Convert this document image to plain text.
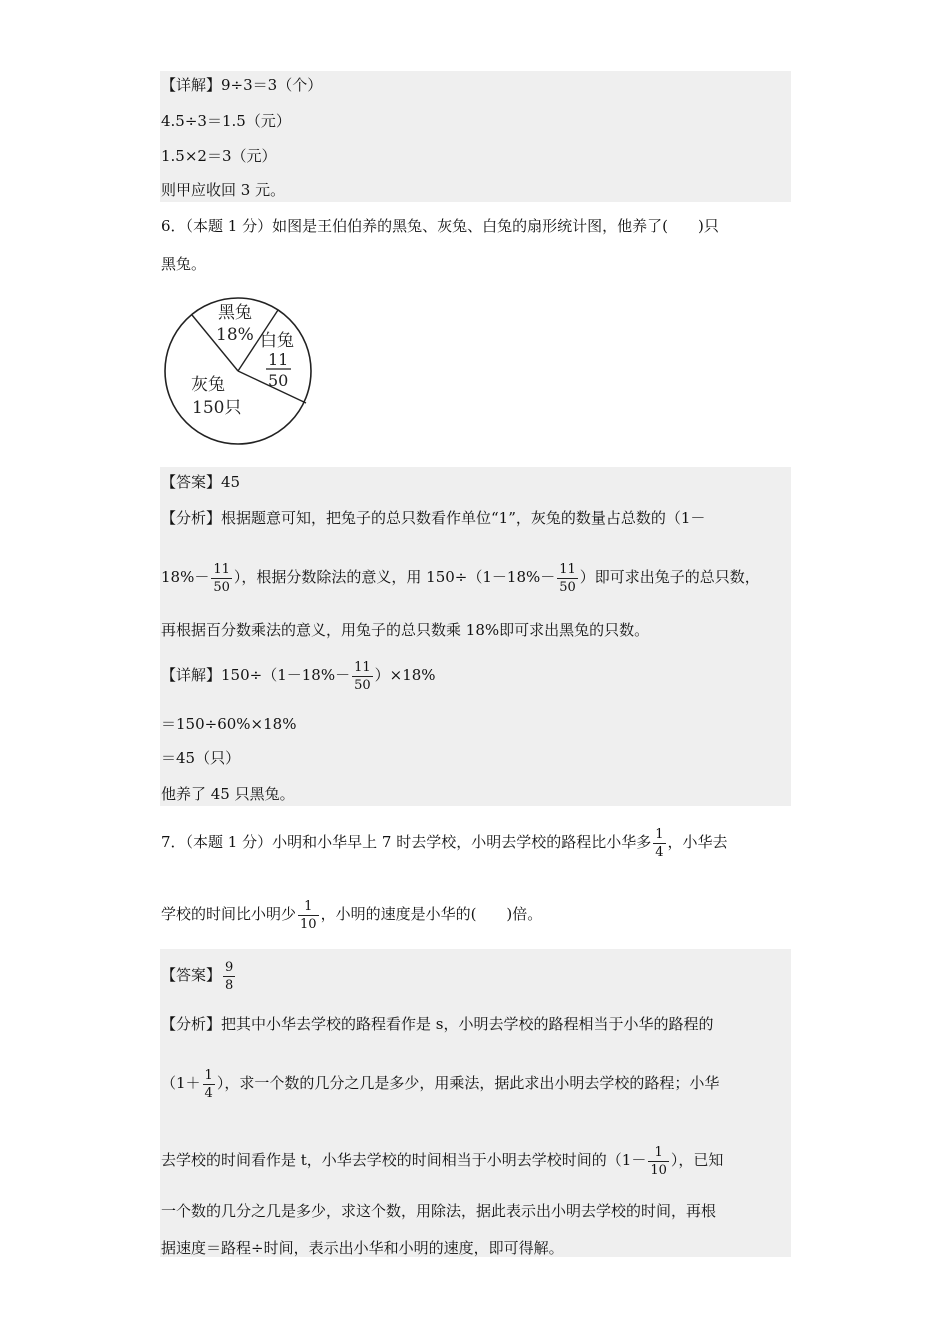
【详解】9÷3＝3（个）
4.5÷3＝1.5（元）
1.5×2＝3（元）
则甲应收回 3 元。
6．（本题 1 分）如图是王伯伯养的黑兔、灰兔、白兔的扇形统计图，他养了(　　)只
黑兔。
黑兔
18% 白兔
11
50
灰兔
150只
【答案】45
【分析】根据题意可知，把兔子的总只数看作单位“1”，灰兔的数量占总数的（1－
$18\%- \frac{11}{50}$ ），根据分数除法的意义，用 $150\div(1-18\%- \frac{11}{50}$ ）即可求出兔子的总只数，
再根据百分数乘法的意义，用兔子的总只数乘 18%即可求出黑兔的只数。
【详解】$150\div(1-18\%- \frac{11}{50} )\times 18\%$
＝150÷60%×18%
＝45（只）
他养了 45 只黑兔。
7．（本题 1 分）小明和小华早上 7 时去学校，小明去学校的路程比小华多 $\frac{1}{4}$ ，小华去
学校的时间比小明少 $\frac{1}{10}$ ，小明的速度是小华的(　　)倍。
【答案】 $\frac{9}{8}$
【分析】把其中小华去学校的路程看作是 s，小明去学校的路程相当于小华的路程的
（$1+ \frac{1}{4}$ ），求一个数的几分之几是多少，用乘法，据此求出小明去学校的路程；小华
去学校的时间看作是 t，小华去学校的时间相当于小明去学校时间的（$1- \frac{1}{10}$ ），已知
一个数的几分之几是多少，求这个数，用除法，据此表示出小明去学校的时间，再根
据速度＝路程÷时间，表示出小华和小明的速度，即可得解。
